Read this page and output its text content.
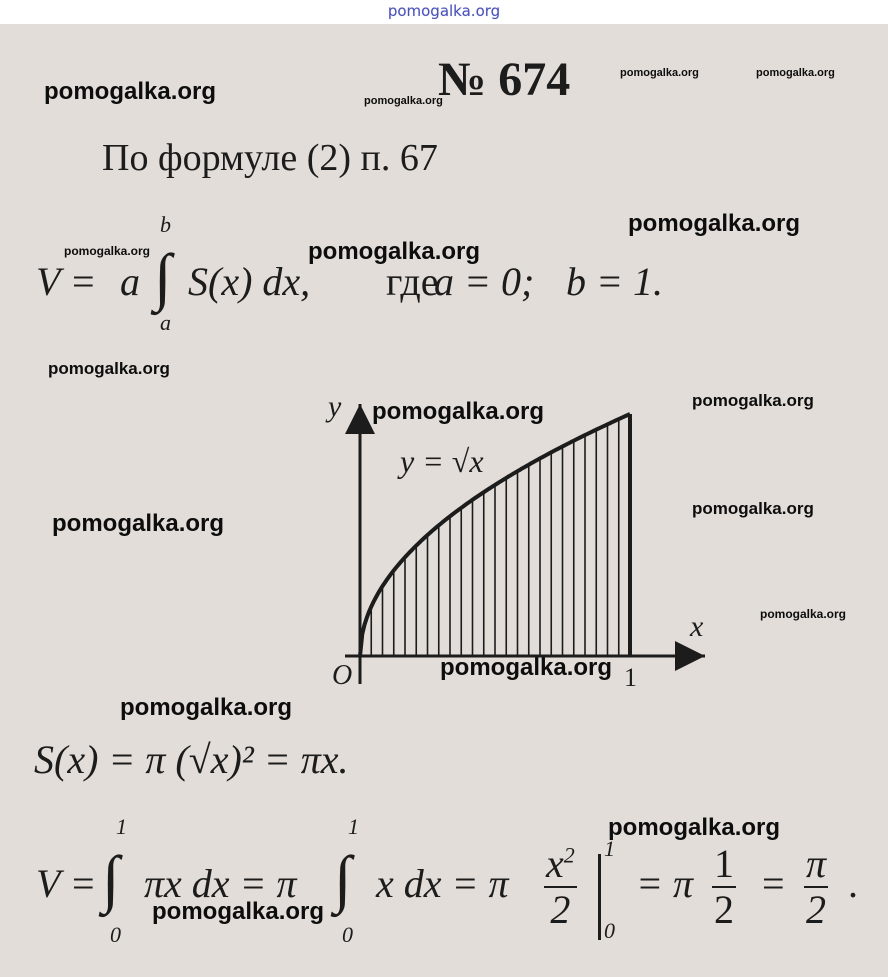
pomogalka.org
№ 674
По формуле (2) п. 67
V = a ∫
b
a
S(x) dx, где
a = 0; b = 1.
y
x
O	1
y = √x
S(x) = π (√x)² = πx.
V = ∫
1
0
πx dx = π ∫
1
0
x dx = π $\frac{x^2}{2} 1$
0
= π $\frac{1}{2} = \frac{\pi}{2}$ .
pomogalka.org	pomogalka.org
pomogalka.org	pomogalka.org
pomogalka.org
pomogalka.org	pomogalka.org
pomogalka.org
pomogalka.org	pomogalka.org
pomogalka.org
pomogalka.org
pomogalka.org
pomogalka.org
pomogalka.org
pomogalka.org
pomogalka.org
